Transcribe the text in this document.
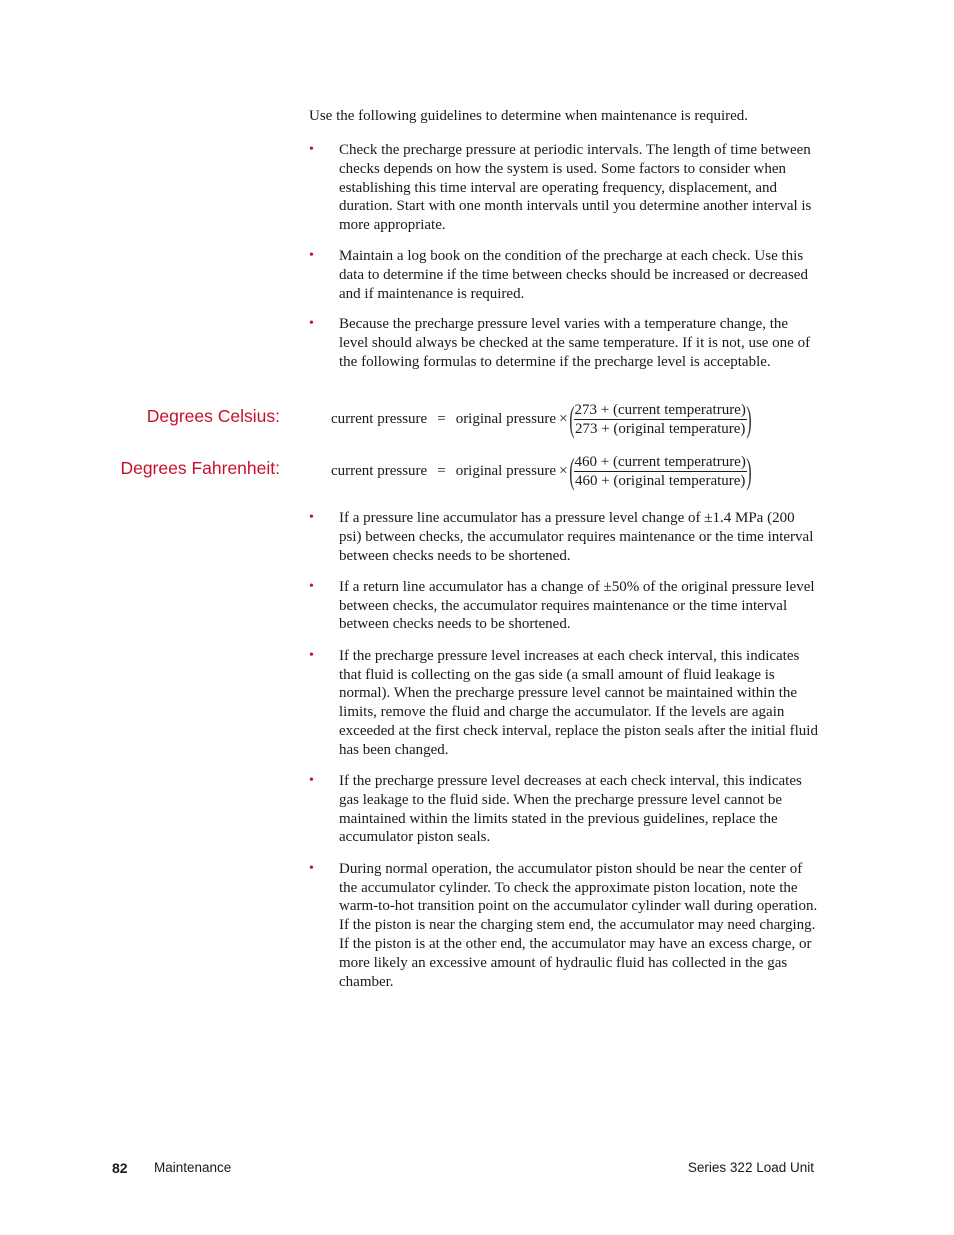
Use the following guidelines to determine when maintenance is required.

• Check the precharge pressure at periodic intervals. The length of time between checks depends on how the system is used. Some factors to consider when establishing this time interval are operating frequency, displacement, and duration. Start with one month intervals until you determine another interval is more appropriate.
• Maintain a log book on the condition of the precharge at each check. Use this data to determine if the time between checks should be increased or decreased and if maintenance is required.
• Because the precharge pressure level varies with a temperature change, the level should always be checked at the same temperature. If it is not, use one of the following formulas to determine if the precharge level is acceptable.
Degrees Celsius:	current pressure = original pressure × ( $\frac{\text{273 + (current temperatrure)}}{\text{273 + (original temperature)}}$ )
Degrees Fahrenheit:	current pressure = original pressure × ( $\frac{\text{460 + (current temperatrure)}}{\text{460 + (original temperature)}}$ )
• If a pressure line accumulator has a pressure level change of ±1.4 MPa (200 psi) between checks, the accumulator requires maintenance or the time interval between checks needs to be shortened.
• If a return line accumulator has a change of ±50% of the original pressure level between checks, the accumulator requires maintenance or the time interval between checks needs to be shortened.
• If the precharge pressure level increases at each check interval, this indicates that fluid is collecting on the gas side (a small amount of fluid leakage is normal). When the precharge pressure level cannot be maintained within the limits, remove the fluid and charge the accumulator. If the levels are again exceeded at the first check interval, replace the piston seals after the initial fluid has been changed.
• If the precharge pressure level decreases at each check interval, this indicates gas leakage to the fluid side. When the precharge pressure level cannot be maintained within the limits stated in the previous guidelines, replace the accumulator piston seals.
• During normal operation, the accumulator piston should be near the center of the accumulator cylinder. To check the approximate piston location, note the warm-to-hot transition point on the accumulator cylinder wall during operation. If the piston is near the charging stem end, the accumulator may need charging. If the piston is at the other end, the accumulator may have an excess charge, or more likely an excessive amount of hydraulic fluid has collected in the gas chamber.
82 Maintenance	Series 322 Load Unit
